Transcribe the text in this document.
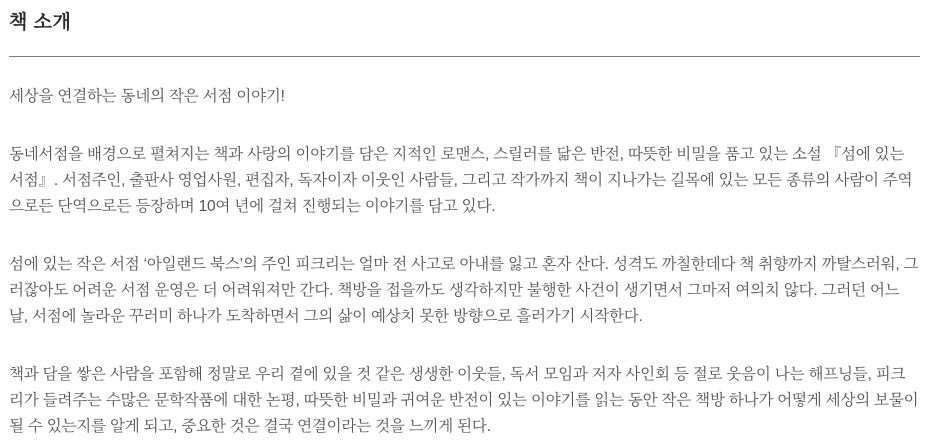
책 소개

세상을 연결하는 동네의 작은 서점 이야기!

동네서점을 배경으로 펼쳐지는 책과 사랑의 이야기를 담은 지적인 로맨스, 스릴러를 닮은 반전, 따뜻한 비밀을 품고 있는 소설 『섬에 있는 서점』. 서점주인, 출판사 영업사원, 편집자, 독자이자 이웃인 사람들, 그리고 작가까지 책이 지나가는 길목에 있는 모든 종류의 사람이 주역으로든 단역으로든 등장하며 10여 년에 걸쳐 진행되는 이야기를 담고 있다.

섬에 있는 작은 서점 ‘아일랜드 북스’의 주인 피크리는 얼마 전 사고로 아내를 잃고 혼자 산다. 성격도 까칠한데다 책 취향까지 까탈스러워, 그러잖아도 어려운 서점 운영은 더 어려워져만 간다. 책방을 접을까도 생각하지만 불행한 사건이 생기면서 그마저 여의치 않다. 그러던 어느 날, 서점에 놀라운 꾸러미 하나가 도착하면서 그의 삶이 예상치 못한 방향으로 흘러가기 시작한다.

책과 담을 쌓은 사람을 포함해 정말로 우리 곁에 있을 것 같은 생생한 이웃들, 독서 모임과 저자 사인회 등 절로 웃음이 나는 해프닝들, 피크리가 들려주는 수많은 문학작품에 대한 논평, 따뜻한 비밀과 귀여운 반전이 있는 이야기를 읽는 동안 작은 책방 하나가 어떻게 세상의 보물이 될 수 있는지를 알게 되고, 중요한 것은 결국 연결이라는 것을 느끼게 된다.
